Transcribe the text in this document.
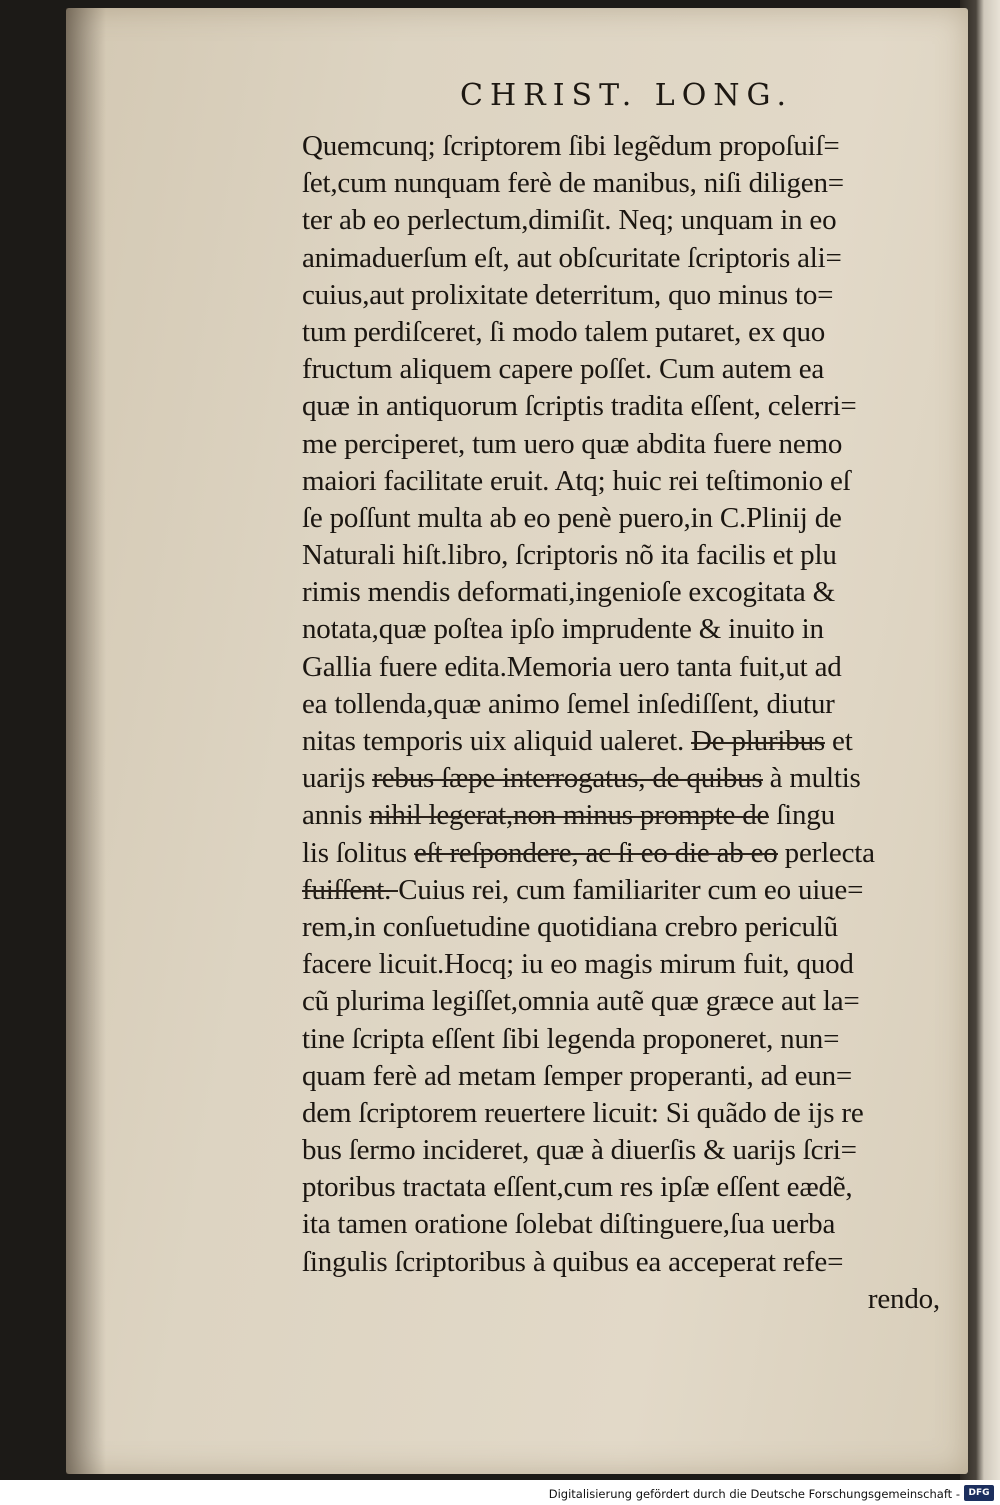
CHRIST. LONG.
Quemcunq; ſcriptorem ſibi legẽdum propoſuiſ=
ſet,cum nunquam ferè de manibus, niſi diligen=
ter ab eo perlectum,dimiſit. Neq; unquam in eo
animaduerſum eſt, aut obſcuritate ſcriptoris ali=
cuius,aut prolixitate deterritum, quo minus to=
tum perdiſceret, ſi modo talem putaret, ex quo
fructum aliquem capere poſſet. Cum autem ea
quæ in antiquorum ſcriptis tradita eſſent, celerri=
me perciperet, tum uero quæ abdita fuere nemo
maiori facilitate eruit. Atq; huic rei teſtimonio eſ
ſe poſſunt multa ab eo penè puero,in C.Plinij de
Naturali hiſt.libro, ſcriptoris nõ ita facilis et plu
rimis mendis deformati,ingenioſe excogitata &
notata,quæ poſtea ipſo imprudente & inuito in
Gallia fuere edita.Memoria uero tanta fuit,ut ad
ea tollenda,quæ animo ſemel inſediſſent, diutur
nitas temporis uix aliquid ualeret. De pluribus et
uarijs rebus ſæpe interrogatus, de quibus à multis
annis nihil legerat,non minus prompte de ſingu
lis ſolitus eſt reſpondere, ac ſi eo die ab eo perlecta
fuiſſent. Cuius rei, cum familiariter cum eo uiue=
rem,in conſuetudine quotidiana crebro periculũ
facere licuit.Hocq; iu eo magis mirum fuit, quod
cũ plurima legiſſet,omnia autẽ quæ græce aut la=
tine ſcripta eſſent ſibi legenda proponeret, nun=
quam ferè ad metam ſemper properanti, ad eun=
dem ſcriptorem reuertere licuit: Si quãdo de ijs re
bus ſermo incideret, quæ à diuerſis & uarijs ſcri=
ptoribus tractata eſſent,cum res ipſæ eſſent eædẽ,
ita tamen oratione ſolebat diſtinguere,ſua uerba
ſingulis ſcriptoribus à quibus ea acceperat refe=
rendo,
Digitalisierung gefördert durch die Deutsche Forschungsgemeinschaft - DFG
